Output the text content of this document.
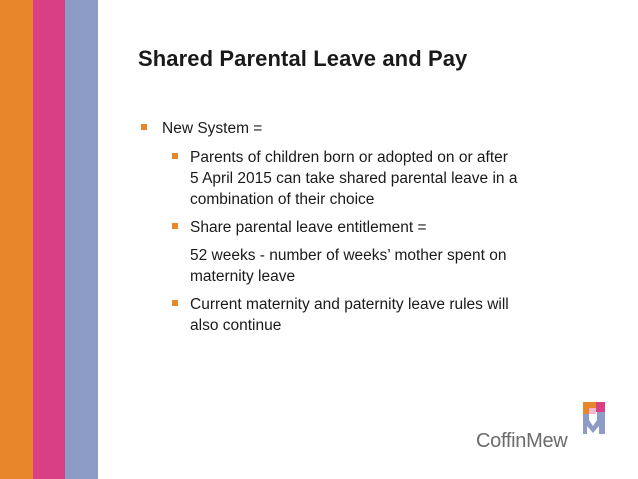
Shared Parental Leave and Pay
New System =
Parents of children born or adopted on or after
5 April 2015 can take shared parental leave in a
combination of their choice
Share parental leave entitlement =
52 weeks - number of weeks’ mother spent on
maternity leave
Current maternity and paternity leave rules will
also continue
CoffinMew
